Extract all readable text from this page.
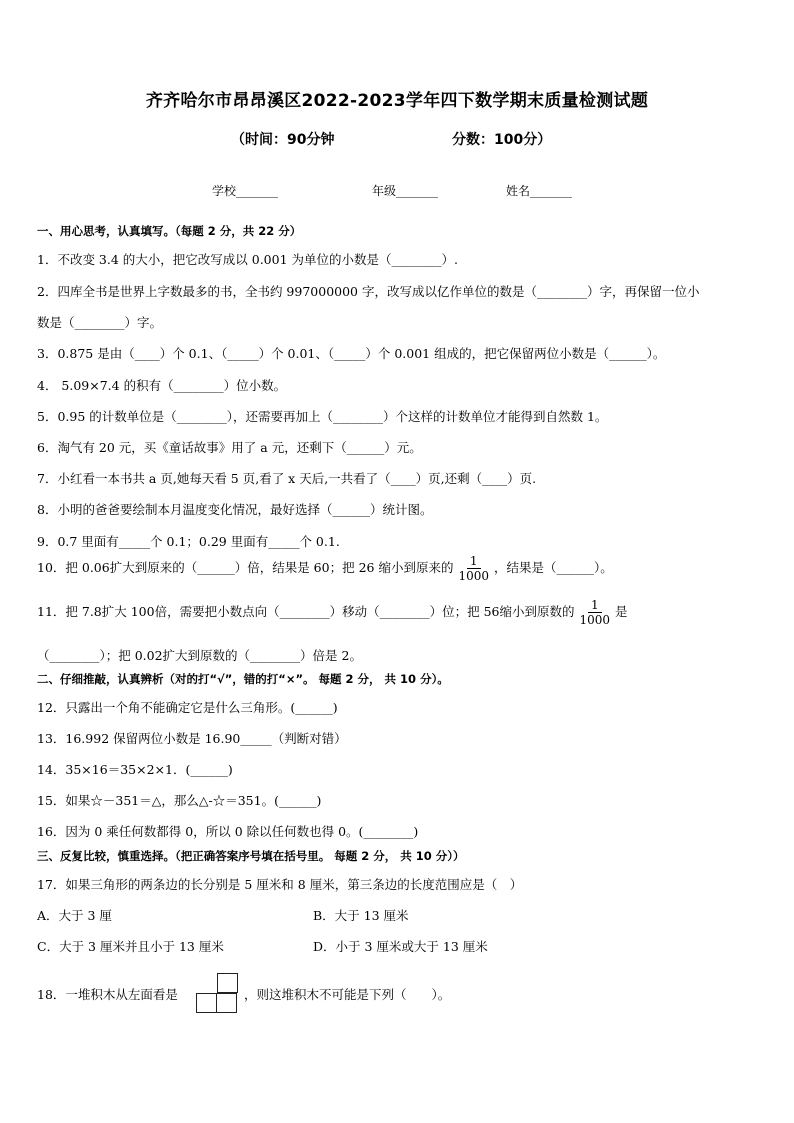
齐齐哈尔市昂昂溪区2022-2023学年四下数学期末质量检测试题
（时间：90分钟	分数：100分）
学校_______	年级_______	姓名_______
一、用心思考，认真填写。（每题 2 分，共 22 分）
1．不改变 3.4 的大小，把它改写成以 0.001 为单位的小数是（________）.
2．四库全书是世界上字数最多的书，全书约 997000000 字，改写成以亿作单位的数是（________）字，再保留一位小
数是（________）字。
3．0.875 是由（____）个 0.1、（_____）个 0.01、（_____）个 0.001 组成的，把它保留两位小数是（______）。
4． 5.09×7.4 的积有（________）位小数。
5．0.95 的计数单位是（________），还需要再加上（________）个这样的计数单位才能得到自然数 1。
6．淘气有 20 元，买《童话故事》用了 a 元，还剩下（______）元。
7．小红看一本书共 a 页,她每天看 5 页,看了 x 天后,一共看了（____）页,还剩（____）页.
8．小明的爸爸要绘制本月温度变化情况，最好选择（______）统计图。
9．0.7 里面有_____个 0.1；0.29 里面有_____个 0.1.
10．把 0.06扩大到原来的（______）倍，结果是 60；把 26 缩小到原来的 $\frac{1}{1000}$ ，结果是（______）。
11．把 7.8扩大 100倍，需要把小数点向（________）移动（________）位；把 56缩小到原数的 $\frac{1}{1000}$ 是
（________）；把 0.02扩大到原数的（________）倍是 2。
二、仔细推敲，认真辨析（对的打“√”，错的打“×”。 每题 2 分， 共 10 分）。
12．只露出一个角不能确定它是什么三角形。(______)
13．16.992 保留两位小数是 16.90_____（判断对错）
14．35×16＝35×2×1．(______)
15．如果☆－351＝△，那么△-☆＝351。(______)
16．因为 0 乘任何数都得 0，所以 0 除以任何数也得 0。(________)
三、反复比较，慎重选择。（把正确答案序号填在括号里。 每题 2 分， 共 10 分））
17．如果三角形的两条边的长分别是 5 厘米和 8 厘米，第三条边的长度范围应是（　）
A．大于 3 厘	B．大于 13 厘米
C．大于 3 厘米并且小于 13 厘米	D．小于 3 厘米或大于 13 厘米
18．一堆积木从左面看是	，则这堆积木不可能是下列（　　）。
